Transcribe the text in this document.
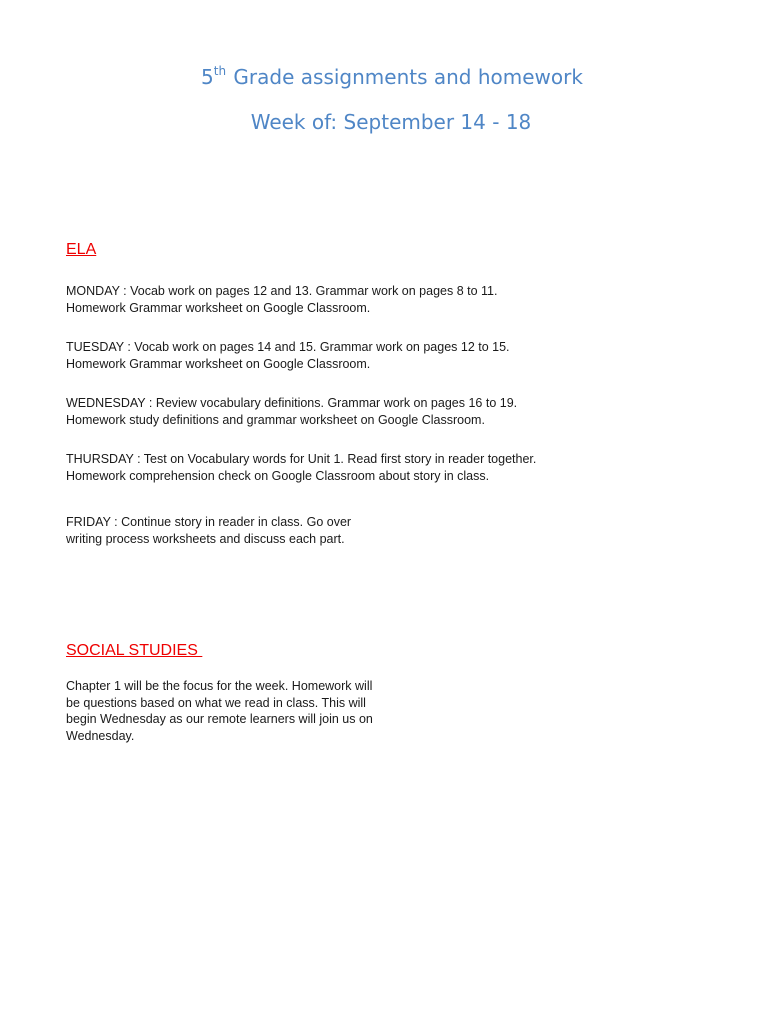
5th Grade assignments and homework
Week of: September 14 - 18
ELA
MONDAY : Vocab work on pages 12 and 13. Grammar work on pages 8 to 11.
Homework Grammar worksheet on Google Classroom.
TUESDAY : Vocab work on pages 14 and 15. Grammar work on pages 12 to 15.
Homework Grammar worksheet on Google Classroom.
WEDNESDAY : Review vocabulary definitions. Grammar work on pages 16 to 19.
Homework study definitions and grammar worksheet on Google Classroom.
THURSDAY : Test on Vocabulary words for Unit 1. Read first story in reader together.
Homework comprehension check on Google Classroom about story in class.
FRIDAY : Continue story in reader in class. Go over
writing process worksheets and discuss each part.
SOCIAL STUDIES
Chapter 1 will be the focus for the week. Homework will
be questions based on what we read in class. This will
begin Wednesday as our remote learners will join us on
Wednesday.
